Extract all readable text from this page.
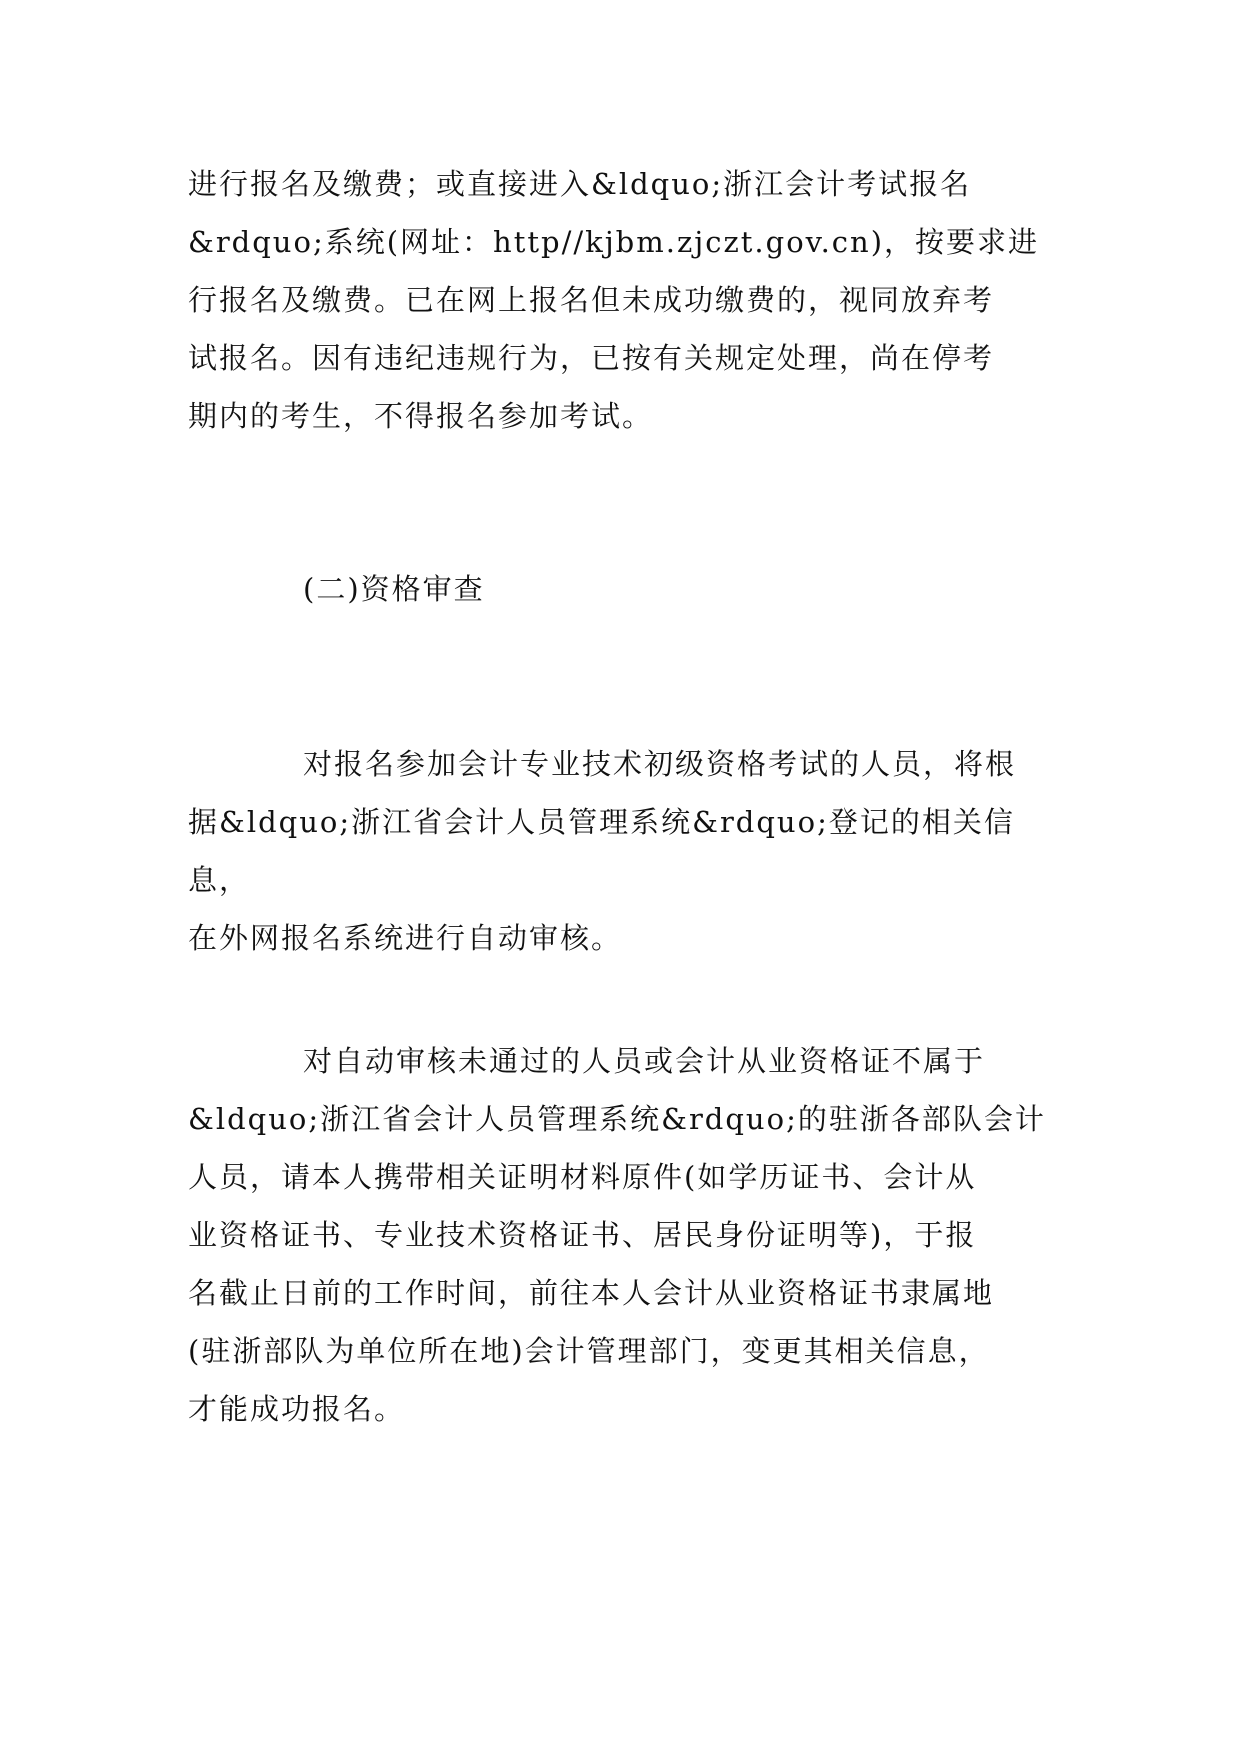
进行报名及缴费；或直接进入&ldquo;浙江会计考试报名
&rdquo;系统(网址：http//kjbm.zjczt.gov.cn)，按要求进
行报名及缴费。已在网上报名但未成功缴费的，视同放弃考
试报名。因有违纪违规行为，已按有关规定处理，尚在停考
期内的考生，不得报名参加考试。
(二)资格审查
对报名参加会计专业技术初级资格考试的人员，将根
据&ldquo;浙江省会计人员管理系统&rdquo;登记的相关信息，
在外网报名系统进行自动审核。
对自动审核未通过的人员或会计从业资格证不属于
&ldquo;浙江省会计人员管理系统&rdquo;的驻浙各部队会计
人员，请本人携带相关证明材料原件(如学历证书、会计从
业资格证书、专业技术资格证书、居民身份证明等)，于报
名截止日前的工作时间，前往本人会计从业资格证书隶属地
(驻浙部队为单位所在地)会计管理部门，变更其相关信息，
才能成功报名。
